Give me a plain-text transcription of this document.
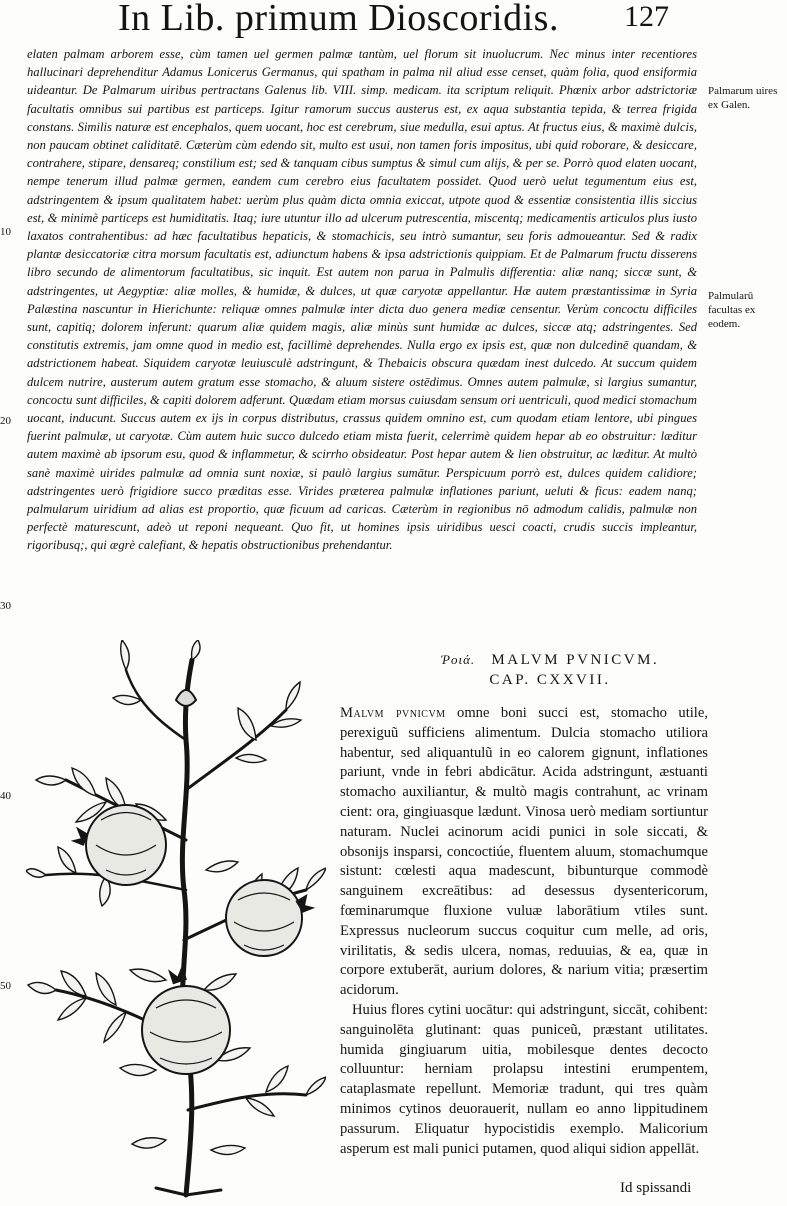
In Lib. primum Dioscoridis. 127

elaten palmam arborem esse, cùm tamen uel germen palmæ tantùm, uel florum sit inuolucrum. Nec minus inter recentiores hallucinari deprehenditur Adamus Lonicerus Germanus, qui spatham in palma nil aliud esse censet, quàm folia, quod ensiformia uideantur. De Palmarum uiribus pertractans Galenus lib. VIII. simp. medicam. ita scriptum reliquit. Phœnix arbor adstrictoriæ facultatis omnibus sui partibus est particeps. Igitur ramorum succus austerus est, ex aqua substantia tepida, & terrea frigida constans. Similis naturæ est encephalos, quem uocant, hoc est cerebrum, siue medulla, esui aptus. At fructus eius, & maximè dulcis, non paucam obtinet caliditatē. Cæterùm cùm edendo sit, multo est usui, non tamen foris impositus, ubi quid roborare, & desiccare, contrahere, stipare, densareq; constilium est; sed & tanquam cibus sumptus & simul cum alijs, & per se. Porrò quod elaten uocant, nempe tenerum illud palmæ germen, eandem cum cerebro eius facultatem possidet. Quod uerò uelut tegumentum eius est, adstringentem & ipsum qualitatem habet: uerùm plus quàm dicta omnia exiccat, utpote quod & essentiæ consistentia illis siccius est, & minimè particeps est humiditatis. Itaq; iure utuntur illo ad ulcerum putrescentia, miscentq; medicamentis articulos plus iusto laxatos contrahentibus: ad hæc facultatibus hepaticis, & stomachicis, seu intrò sumantur, seu foris admoueantur. Sed & radix plantæ desiccatoriæ citra morsum facultatis est, adiunctum habens & ipsa adstrictionis quippiam. Et de Palmarum fructu disserens libro secundo de alimentorum facultatibus, sic inquit. Est autem non parua in Palmulis differentia: aliæ nanq; siccæ sunt, & adstringentes, ut Aegyptiæ: aliæ molles, & humidæ, & dulces, ut quæ caryotæ appellantur. Hæ autem præstantissimæ in Syria Palæstina nascuntur in Hierichunte: reliquæ omnes palmulæ inter dicta duo genera mediæ censentur. Verùm concoctu difficiles sunt, capitiq; dolorem inferunt: quarum aliæ quidem magis, aliæ minùs sunt humidæ ac dulces, siccæ atq; adstringentes. Sed constitutis extremis, jam omne quod in medio est, facillimè deprehendes. Nulla ergo ex ipsis est, quæ non dulcedinē quandam, & adstrictionem habeat. Siquidem caryotæ leuiusculè adstringunt, & Thebaicis obscura quædam inest dulcedo. At succum quidem dulcem nutrire, austerum autem gratum esse stomacho, & aluum sistere ostēdimus. Omnes autem palmulæ, si largius sumantur, concoctu sunt difficiles, & capiti dolorem adferunt. Quædam etiam morsus cuiusdam sensum ori uentriculi, quod medici stomachum uocant, inducunt. Succus autem ex ijs in corpus distributus, crassus quidem omnino est, cum quodam etiam lentore, ubi pingues fuerint palmulæ, ut caryotæ. Cùm autem huic succo dulcedo etiam mista fuerit, celerrimè quidem hepar ab eo obstruitur: læditur autem maximè ab ipsorum esu, quod & inflammetur, & scirrho obsideatur. Post hepar autem & lien obstruitur, ac læditur. At multò sanè maximè uirides palmulæ ad omnia sunt noxiæ, si paulò largius sumātur. Perspicuum porrò est, dulces quidem calidiore; adstringentes uerò frigidiore succo præditas esse. Virides præterea palmulæ inflationes pariunt, ueluti & ficus: eadem nanq; palmularum uiridium ad alias est proportio, quæ ficuum ad caricas. Cæterùm in regionibus nō admodum calidis, palmulæ non perfectè maturescunt, adeò ut reponi nequeant. Quo fit, ut homines ipsis uiridibus uesci coacti, crudis succis impleantur, rigoribusq;, qui ægrè calefiant, & hepatis obstructionibus prehendantur.

Palmarum uires ex Galen.
Palmularū facultas ex eodem.
10
20
30
40
50
Ῥοιά. MALVM PVNICVM.
CAP. CXXVII.

Malvm pvnicvm omne boni succi est, stomacho utile, perexiguũ sufficiens alimentum. Dulcia stomacho utiliora habentur, sed aliquantulũ in eo calorem gignunt, inflationes pariunt, vnde in febri abdicātur. Acida adstringunt, æstuanti stomacho auxiliantur, & multò magis contrahunt, ac vrinam cient: ora, gingiuasque lædunt. Vinosa uerò mediam sortiuntur naturam. Nuclei acinorum acidi punici in sole siccati, & obsonijs insparsi, concoctiúe, fluentem aluum, stomachumque sistunt: cœlesti aqua madescunt, bibunturque commodè sanguinem excreātibus: ad desessus dysentericorum, fœminarumque fluxione vuluæ laborātium vtiles sunt. Expressus nucleorum succus coquitur cum melle, ad oris, virilitatis, & sedis ulcera, nomas, reduuias, & ea, quæ in corpore extuberāt, aurium dolores, & narium vitia; præsertim acidorum.

Huius flores cytini uocātur: qui adstringunt, siccāt, cohibent: sanguinolēta glutinant: quas puniceũ, præstant utilitates. humida gingiuarum uitia, mobilesque dentes decocto colluuntur: herniam prolapsu intestini erumpentem, cataplasmate repellunt. Memoriæ tradunt, qui tres quàm minimos cytinos deuorauerit, nullam eo anno lippitudinem passurum. Eliquatur hypocistidis exemplo. Malicorium asperum est mali punici putamen, quod aliqui sidion appellāt.

Id spissandi
